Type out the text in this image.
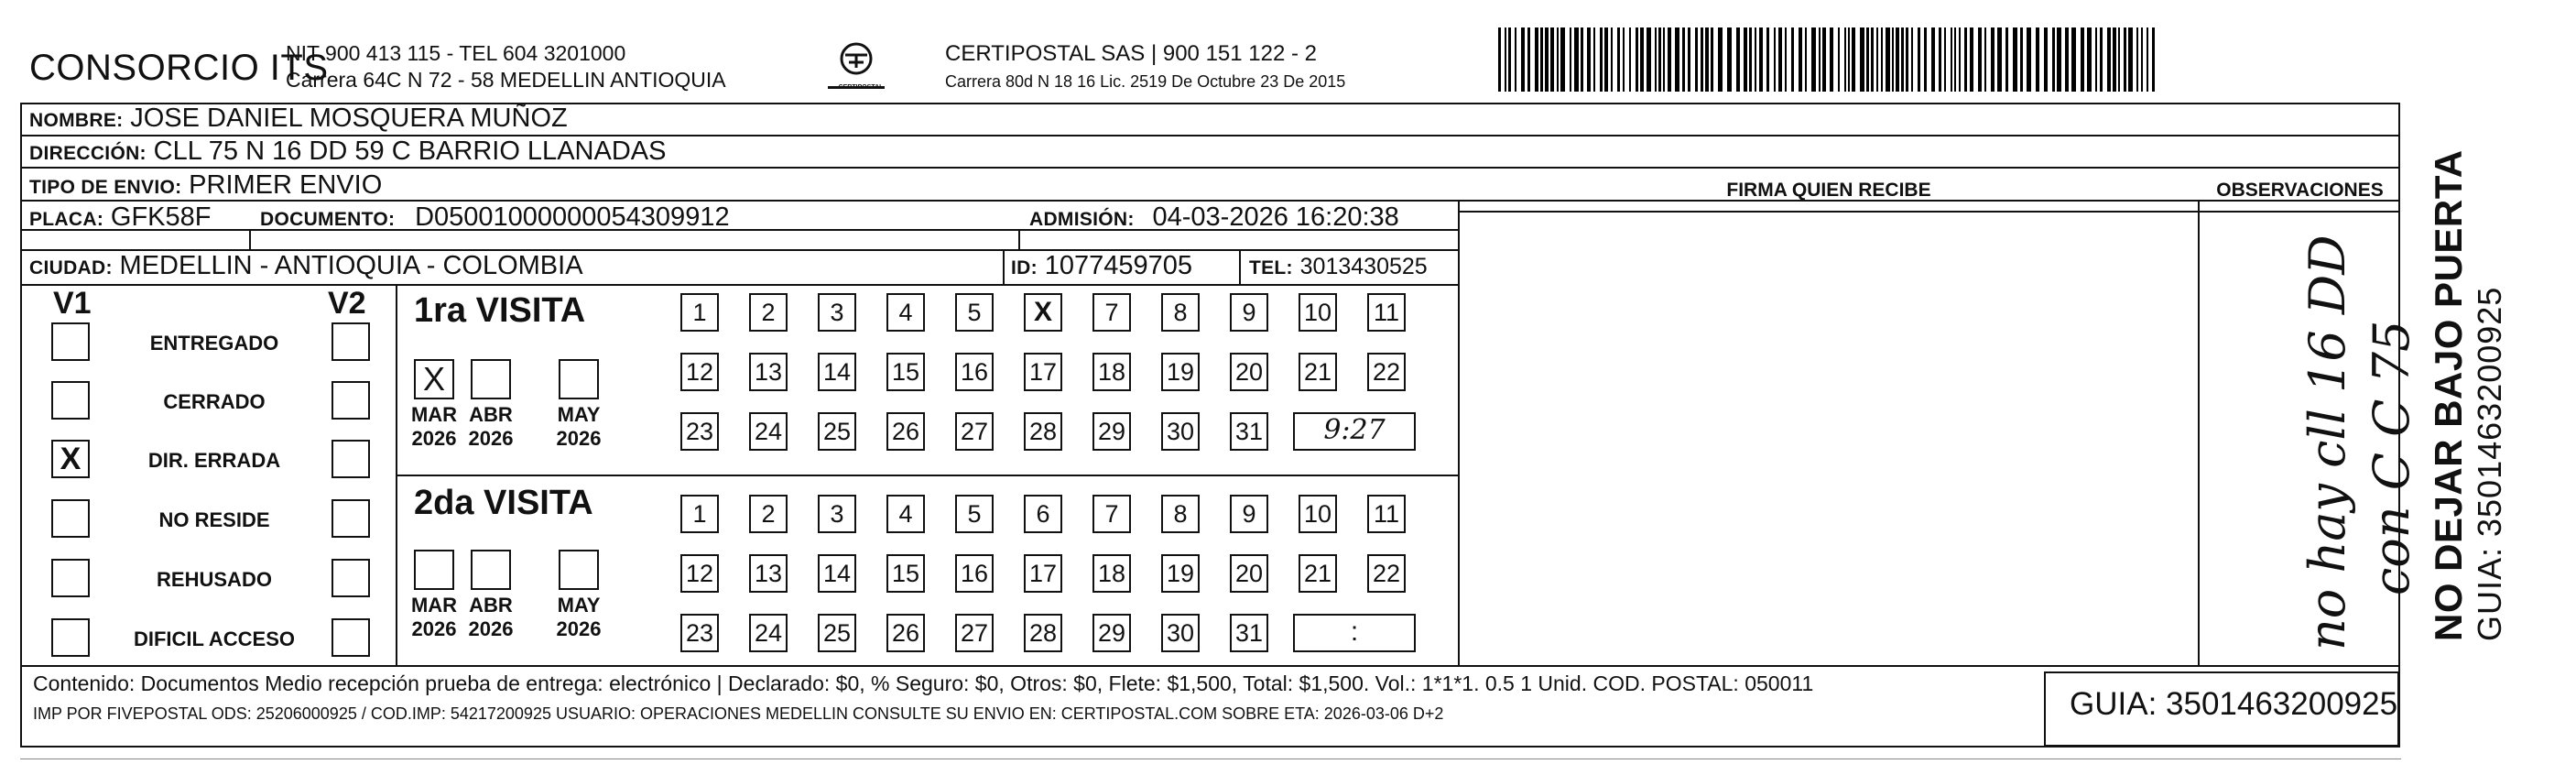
CONSORCIO ITS
NIT 900 413 115 - TEL 604 3201000
Carrera 64C N 72 - 58 MEDELLIN ANTIOQUIA	CERTIPOSTAL
CERTIPOSTAL SAS | 900 151 122 - 2
Carrera 80d N 18 16 Lic. 2519 De Octubre 23 De 2015
NOMBRE: JOSE DANIEL MOSQUERA MUÑOZ
DIRECCIÓN: CLL 75 N 16 DD 59 C BARRIO LLANADAS
TIPO DE ENVIO: PRIMER ENVIO
PLACA: GFK58F	DOCUMENTO: D05001000000054309912	ADMISIÓN: 04-03-2026 16:20:38
CIUDAD: MEDELLIN - ANTIOQUIA - COLOMBIA	ID: 1077459705	TEL: 3013430525
FIRMA QUIEN RECIBE	OBSERVACIONES
V1	V2 1ra VISITA
2da VISITA	no hay cll 16 DD con C C 75
Contenido: Documentos Medio recepción prueba de entrega: electrónico | Declarado: $0, % Seguro: $0, Otros: $0, Flete: $1,500, Total: $1,500. Vol.: 1*1*1. 0.5 1 Unid. COD. POSTAL: 050011
IMP POR FIVEPOSTAL ODS: 25206000925 / COD.IMP: 54217200925 USUARIO: OPERACIONES MEDELLIN CONSULTE SU ENVIO EN: CERTIPOSTAL.COM SOBRE ETA: 2026-03-06 D+2	GUIA: 3501463200925
NO DEJAR BAJO PUERTA GUIA: 3501463200925
ENTREGADO
CERRADO
X	DIR. ERRADA
NO RESIDE
REHUSADO
DIFICIL ACCESO
X
MAR
2026
ABR
2026
MAY
2026
MAR
2026
ABR
2026
MAY
2026
1	2	3	4	5	X	7	8	9	10 11
12 13 14 15 16 17 18 19 20 21 22
23 24 25 26 27 28 29 30 31	9:27
1	2	3	4	5	6	7	8	9	10 11
12 13 14 15 16 17 18 19 20 21 22
23 24 25 26 27 28 29 30 31	:
